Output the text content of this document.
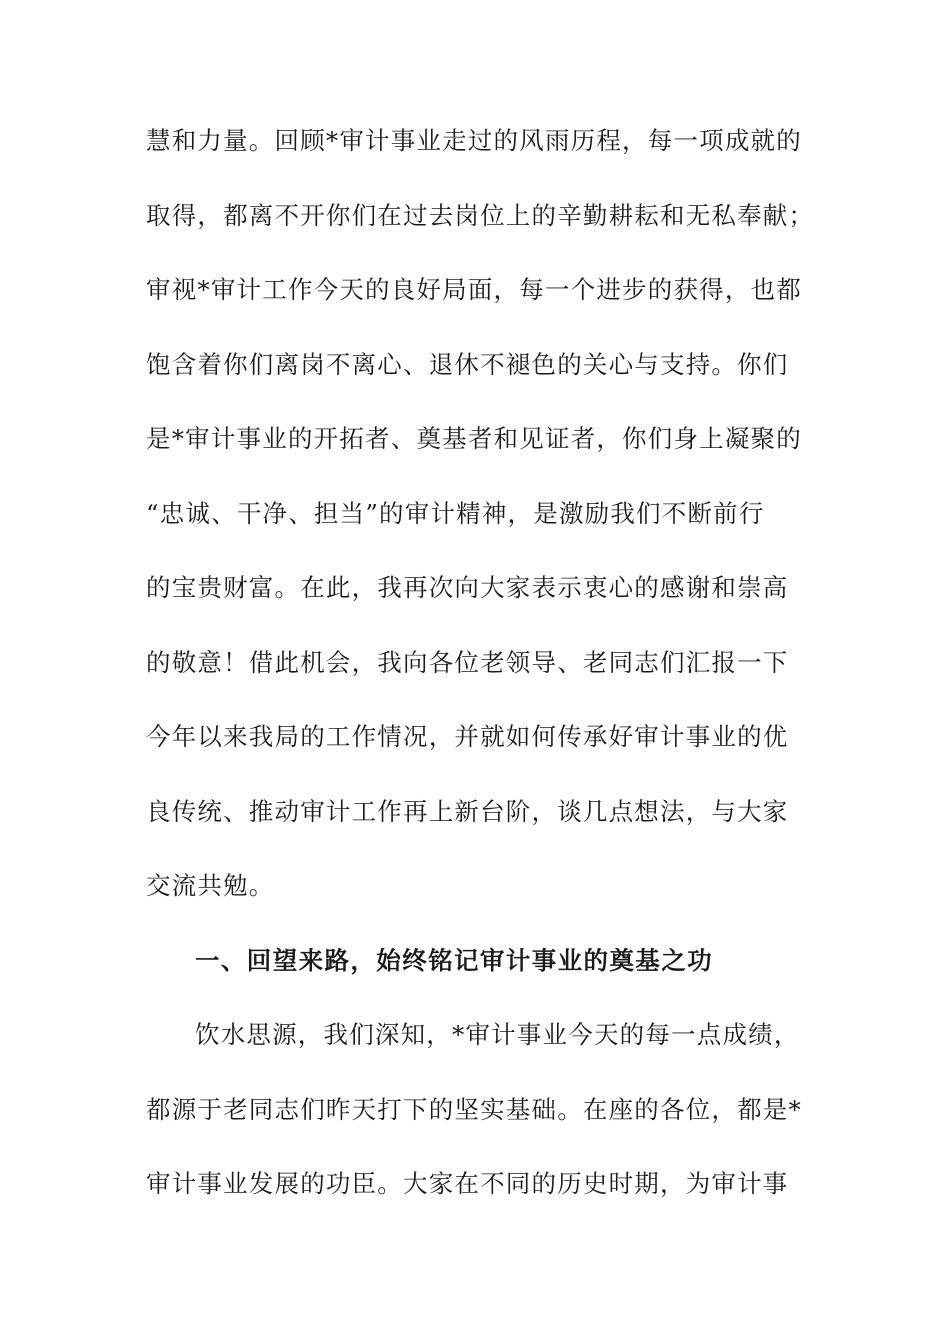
慧和力量。回顾*审计事业走过的风雨历程，每一项成就的
取得，都离不开你们在过去岗位上的辛勤耕耘和无私奉献；
审视*审计工作今天的良好局面，每一个进步的获得，也都
饱含着你们离岗不离心、退休不褪色的关心与支持。你们
是*审计事业的开拓者、奠基者和见证者，你们身上凝聚的
“忠诚、干净、担当”的审计精神，是激励我们不断前行
的宝贵财富。在此，我再次向大家表示衷心的感谢和崇高
的敬意！借此机会，我向各位老领导、老同志们汇报一下
今年以来我局的工作情况，并就如何传承好审计事业的优
良传统、推动审计工作再上新台阶，谈几点想法，与大家
交流共勉。
一、回望来路，始终铭记审计事业的奠基之功
饮水思源，我们深知，*审计事业今天的每一点成绩，
都源于老同志们昨天打下的坚实基础。在座的各位，都是*
审计事业发展的功臣。大家在不同的历史时期，为审计事
